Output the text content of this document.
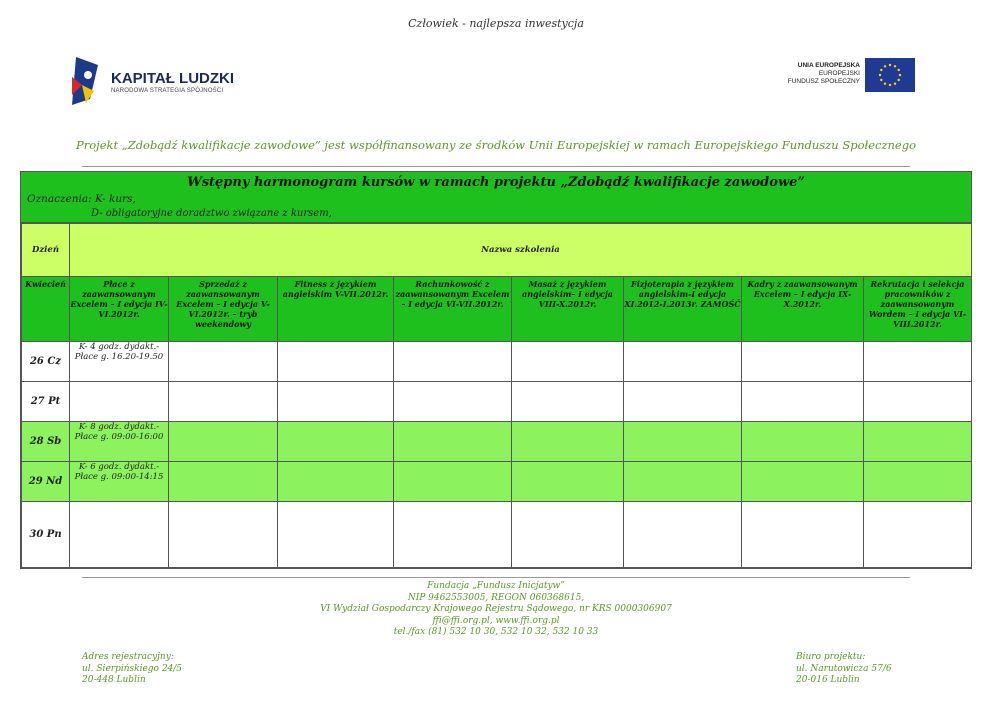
Człowiek - najlepsza inwestycja
KAPITAŁ LUDZKI
NARODOWA STRATEGIA SPÓJNOŚCI
UNIA EUROPEJSKA
EUROPEJSKI
FUNDUSZ SPOŁECZNY
Projekt „Zdobądź kwalifikacje zawodowe” jest współfinansowany ze środków Unii Europejskiej w ramach Europejskiego Funduszu Społecznego
Wstępny harmonogram kursów w ramach projektu „Zdobądź kwalifikacje zawodowe”
Oznaczenia: K- kurs,
D- obligatoryjne doradztwo związane z kursem,
Dzień	Nazwa szkolenia							
Kwiecień	Płace z zaawansowanym Excelem – I edycja IV-VI.2012r.	Sprzedaż z zaawansowanym Excelem – I edycja V-VI.2012r. – tryb weekendowy	Fitness z językiem angielskim V-VII.2012r.	Rachunkowość z zaawansowanym Excelem – I edycja VI-VII.2012r.	Masaż z językiem angielskim– I edycja VIII-X.2012r.	Fizjoterapia z językiem angielskim-I edycja XI.2012-I.2013r. ZAMOŚĆ	Kadry z zaawansowanym Excelem – I edycja IX-X.2012r.	Rekrutacja i selekcja pracowników z zaawansowanym Wordem – I edycja VI-VIII.2012r.
26 Cz	K- 4 godz. dydakt.- Płace g. 16.20-19.50							
27 Pt								
28 Sb	K- 8 godz. dydakt.- Płace g. 09:00-16:00							
29 Nd	K- 6 godz. dydakt.- Płace g. 09:00-14:15							
30 Pn								
Fundacja „Fundusz Inicjatyw”
NIP 9462553005, REGON 060368615,
VI Wydział Gospodarczy Krajowego Rejestru Sądowego, nr KRS 0000306907
ffi@ffi.org.pl, www.ffi.org.pl
tel./fax (81) 532 10 30, 532 10 32, 532 10 33
Adres rejestracyjny:
ul. Sierpińskiego 24/5
20-448 Lublin
Biuro projektu:
ul. Narutowicza 57/6
20-016 Lublin
